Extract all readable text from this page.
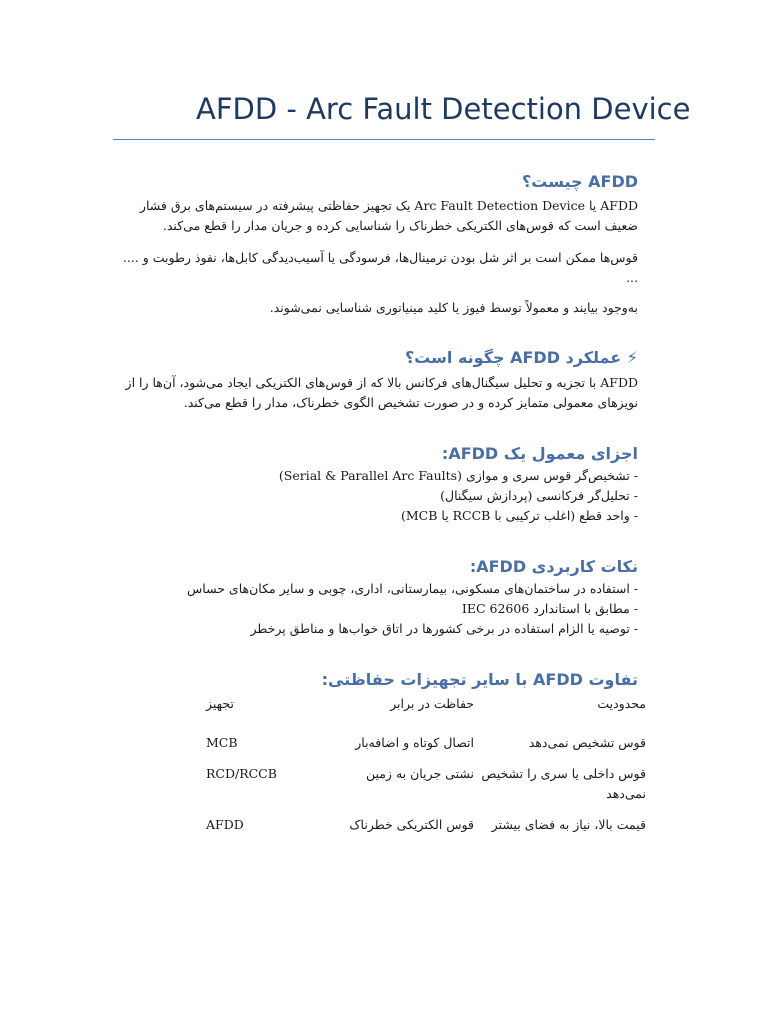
AFDD - Arc Fault Detection Device
AFDD چیست؟
AFDD یا Arc Fault Detection Device یک تجهیز حفاظتی پیشرفته در سیستم‌های برق فشار ضعیف است که قوس‌های الکتریکی خطرناک را شناسایی کرده و جریان مدار را قطع می‌کند.
قوس‌ها ممکن است بر اثر شل بودن ترمینال‌ها، فرسودگی یا آسیب‌دیدگی کابل‌ها، نفوذ رطوبت و .... ...
به‌وجود بیایند و معمولاً توسط فیوز یا کلید مینیاتوری شناسایی نمی‌شوند.
⚡ عملکرد AFDD چگونه است؟
AFDD با تجزیه و تحلیل سیگنال‌های فرکانس بالا که از قوس‌های الکتریکی ایجاد می‌شود، آن‌ها را از نویزهای معمولی متمایز کرده و در صورت تشخیص الگوی خطرناک، مدار را قطع می‌کند.
اجزای معمول یک AFDD:
- تشخیص‌گر قوس سری و موازی (Serial & Parallel Arc Faults)
- تحلیل‌گر فرکانسی (پردازش سیگنال)
- واحد قطع (اغلب ترکیبی با RCCB یا MCB)
نکات کاربردی AFDD:
- استفاده در ساختمان‌های مسکونی، بیمارستانی، اداری، چوبی و سایر مکان‌های حساس
- مطابق با استاندارد IEC 62606
- توصیه یا الزام استفاده در برخی کشورها در اتاق خواب‌ها و مناطق پرخطر
تفاوت AFDD با سایر تجهیزات حفاظتی:
محدودیت	حفاظت در برابر	تجهیز
قوس تشخیص نمی‌دهد	اتصال کوتاه و اضافه‌بار	MCB
قوس داخلی یا سری را تشخیص نمی‌دهد	نشتی جریان به زمین	RCD/RCCB
قیمت بالا، نیاز به فضای بیشتر	قوس الکتریکی خطرناک	AFDD
